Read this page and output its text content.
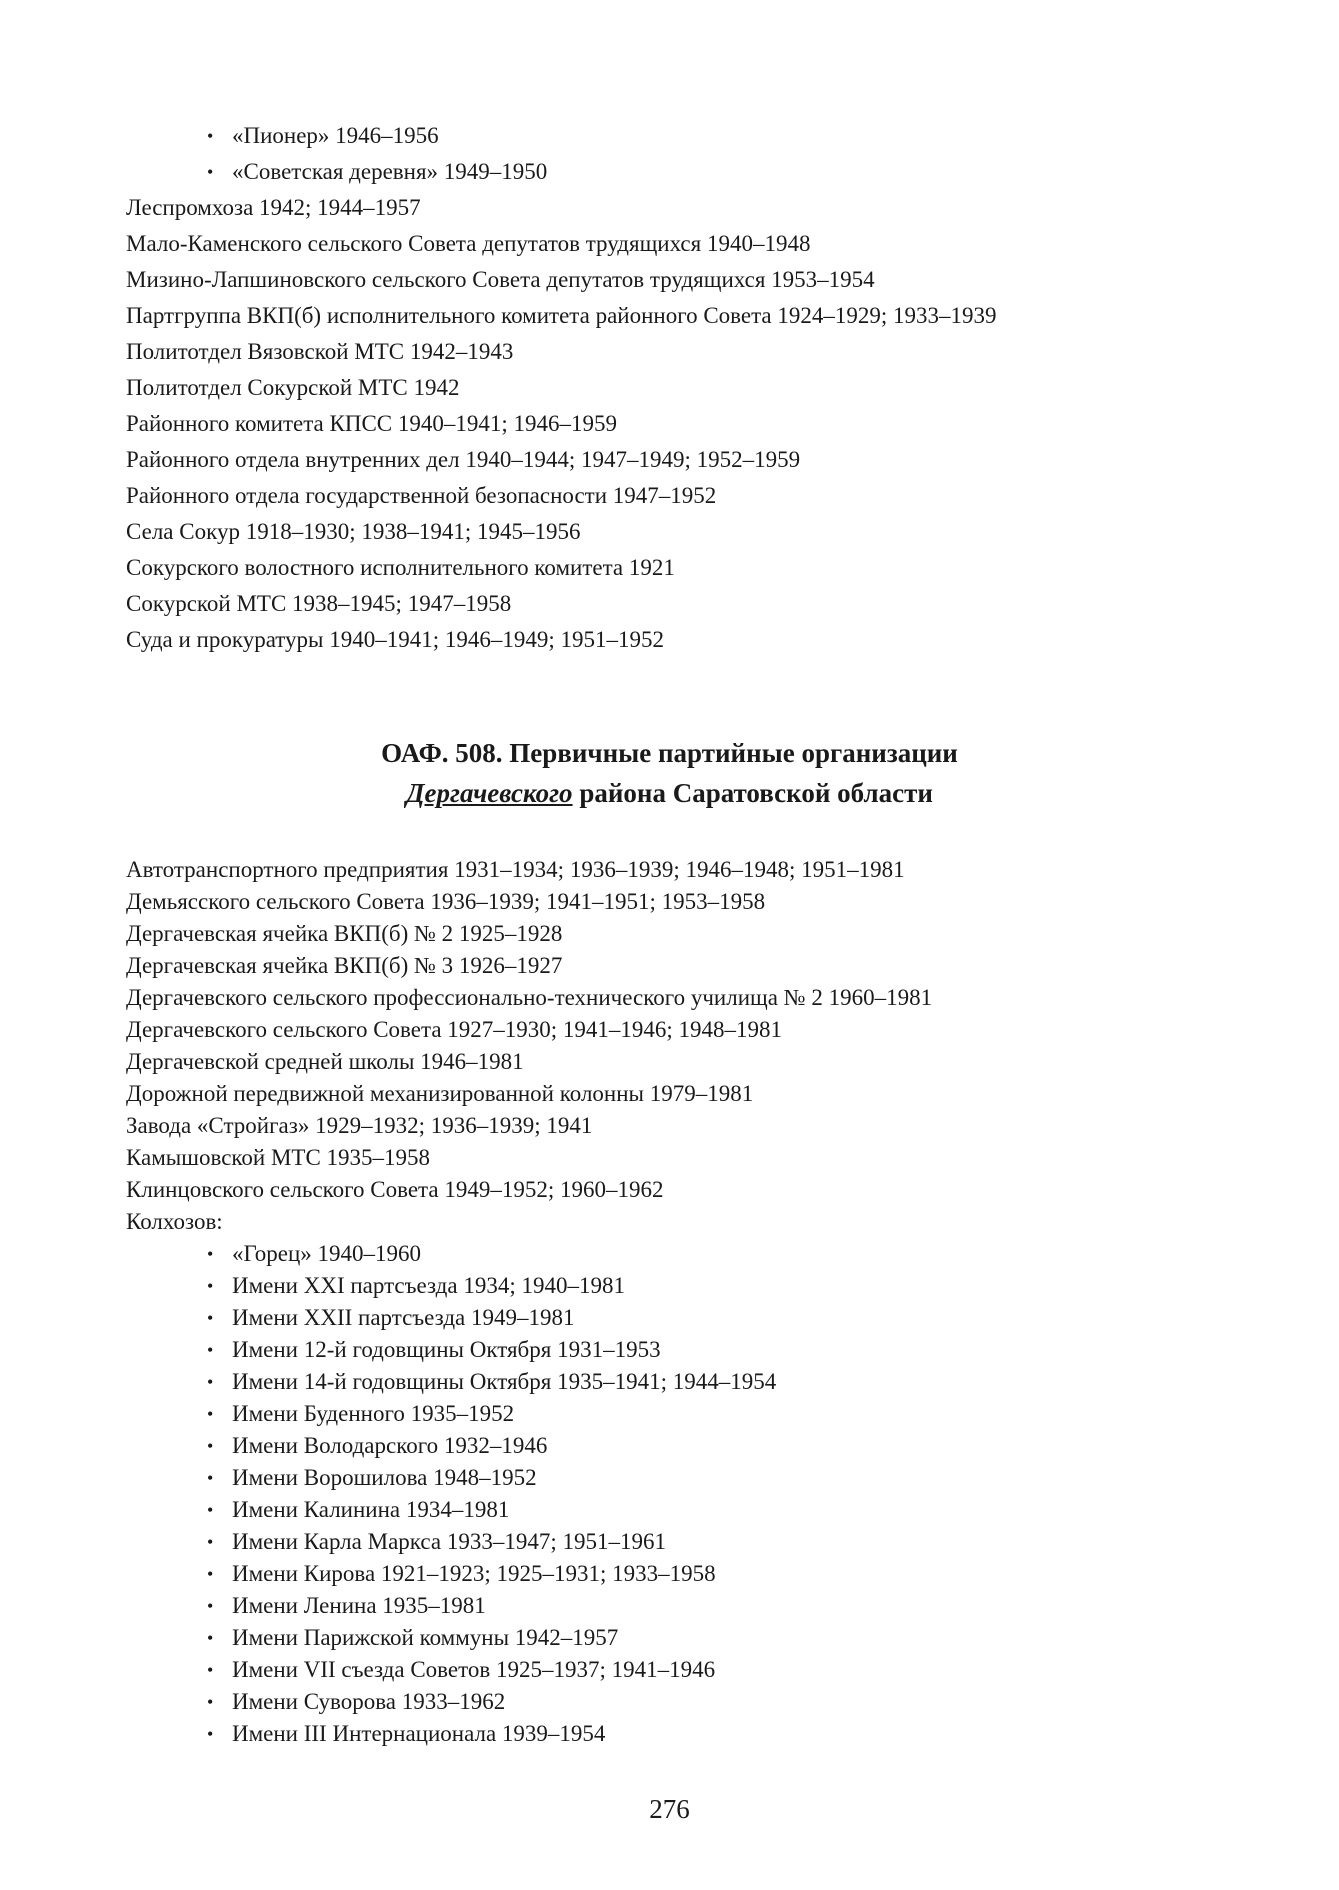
• «Пионер» 1946–1956
• «Советская деревня» 1949–1950
Леспромхоза 1942; 1944–1957
Мало-Каменского сельского Совета депутатов трудящихся 1940–1948
Мизино-Лапшиновского сельского Совета депутатов трудящихся 1953–1954
Партгруппа ВКП(б) исполнительного комитета районного Совета 1924–1929; 1933–1939
Политотдел Вязовской МТС 1942–1943
Политотдел Сокурской МТС 1942
Районного комитета КПСС 1940–1941; 1946–1959
Районного отдела внутренних дел 1940–1944; 1947–1949; 1952–1959
Районного отдела государственной безопасности 1947–1952
Села Сокур 1918–1930; 1938–1941; 1945–1956
Сокурского волостного исполнительного комитета 1921
Сокурской МТС 1938–1945; 1947–1958
Суда и прокуратуры 1940–1941; 1946–1949; 1951–1952
ОАФ. 508. Первичные партийные организации
Дергачевского района Саратовской области
Автотранспортного предприятия 1931–1934; 1936–1939; 1946–1948; 1951–1981
Демьясского сельского Совета 1936–1939; 1941–1951; 1953–1958
Дергачевская ячейка ВКП(б) № 2 1925–1928
Дергачевская ячейка ВКП(б) № 3 1926–1927
Дергачевского сельского профессионально-технического училища № 2 1960–1981
Дергачевского сельского Совета 1927–1930; 1941–1946; 1948–1981
Дергачевской средней школы 1946–1981
Дорожной передвижной механизированной колонны 1979–1981
Завода «Стройгаз» 1929–1932; 1936–1939; 1941
Камышовской МТС 1935–1958
Клинцовского сельского Совета 1949–1952; 1960–1962
Колхозов:
• «Горец» 1940–1960
• Имени XXI партсъезда 1934; 1940–1981
• Имени XXII партсъезда 1949–1981
• Имени 12-й годовщины Октября 1931–1953
• Имени 14-й годовщины Октября 1935–1941; 1944–1954
• Имени Буденного 1935–1952
• Имени Володарского 1932–1946
• Имени Ворошилова 1948–1952
• Имени Калинина 1934–1981
• Имени Карла Маркса 1933–1947; 1951–1961
• Имени Кирова 1921–1923; 1925–1931; 1933–1958
• Имени Ленина 1935–1981
• Имени Парижской коммуны 1942–1957
• Имени VII съезда Советов 1925–1937; 1941–1946
• Имени Суворова 1933–1962
• Имени III Интернационала 1939–1954
276
